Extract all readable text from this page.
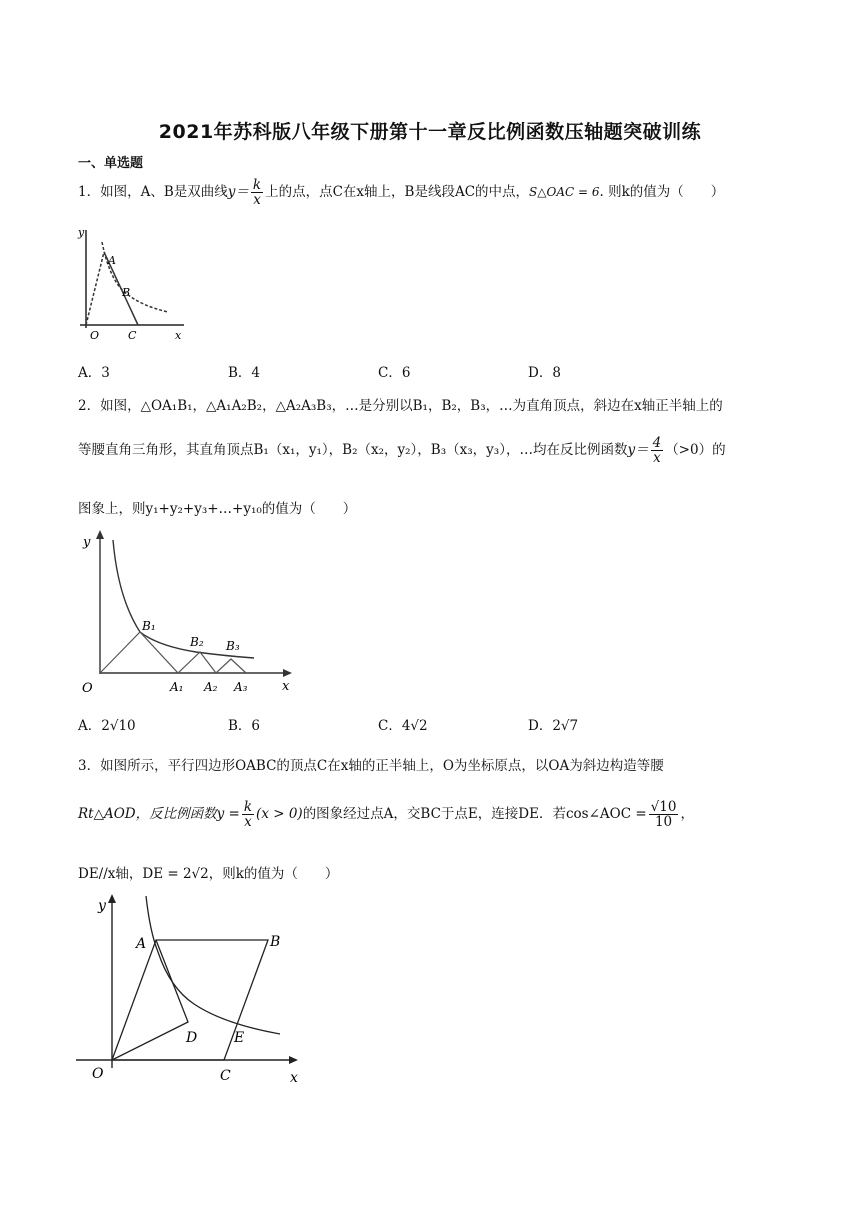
2021年苏科版八年级下册第十一章反比例函数压轴题突破训练
一、单选题
1．如图，A、B是双曲线$y= \frac{k}{x}$ 上的点，点C在x轴上，B是线段AC的中点，S△OAC = 6. 则k的值为（　　）
y
x
O	C
A
B
A．3	B．4	C．6	D．8
2．如图，△OA₁B₁，△A₁A₂B₂，△A₂A₃B₃，…是分别以B₁，B₂，B₃，…为直角顶点，斜边在x轴正半轴上的
等腰直角三角形，其直角顶点B₁（x₁，y₁），B₂（x₂，y₂），B₃（x₃，y₃），…均在反比例函数$y= \frac{4}{x} (>0)$的
图象上，则y₁+y₂+y₃+…+y₁₀的值为（　　）
y
x
O
B₁
B₂ B₃
A₁ A₂ A₃
A．2√10	B．6	C．4√2	D．2√7
3．如图所示，平行四边形OABC的顶点C在x轴的正半轴上，O为坐标原点，以OA为斜边构造等腰
Rt△AOD，反比例函数$y = \frac{k}{x} (x > 0)$的图象经过点A，交BC于点E，连接DE．若cos∠AOC = $\frac{√10}{10}$ ，
DE//x轴，DE = 2√2，则k的值为（　　）
y
x
O
A	B
C
D	E
